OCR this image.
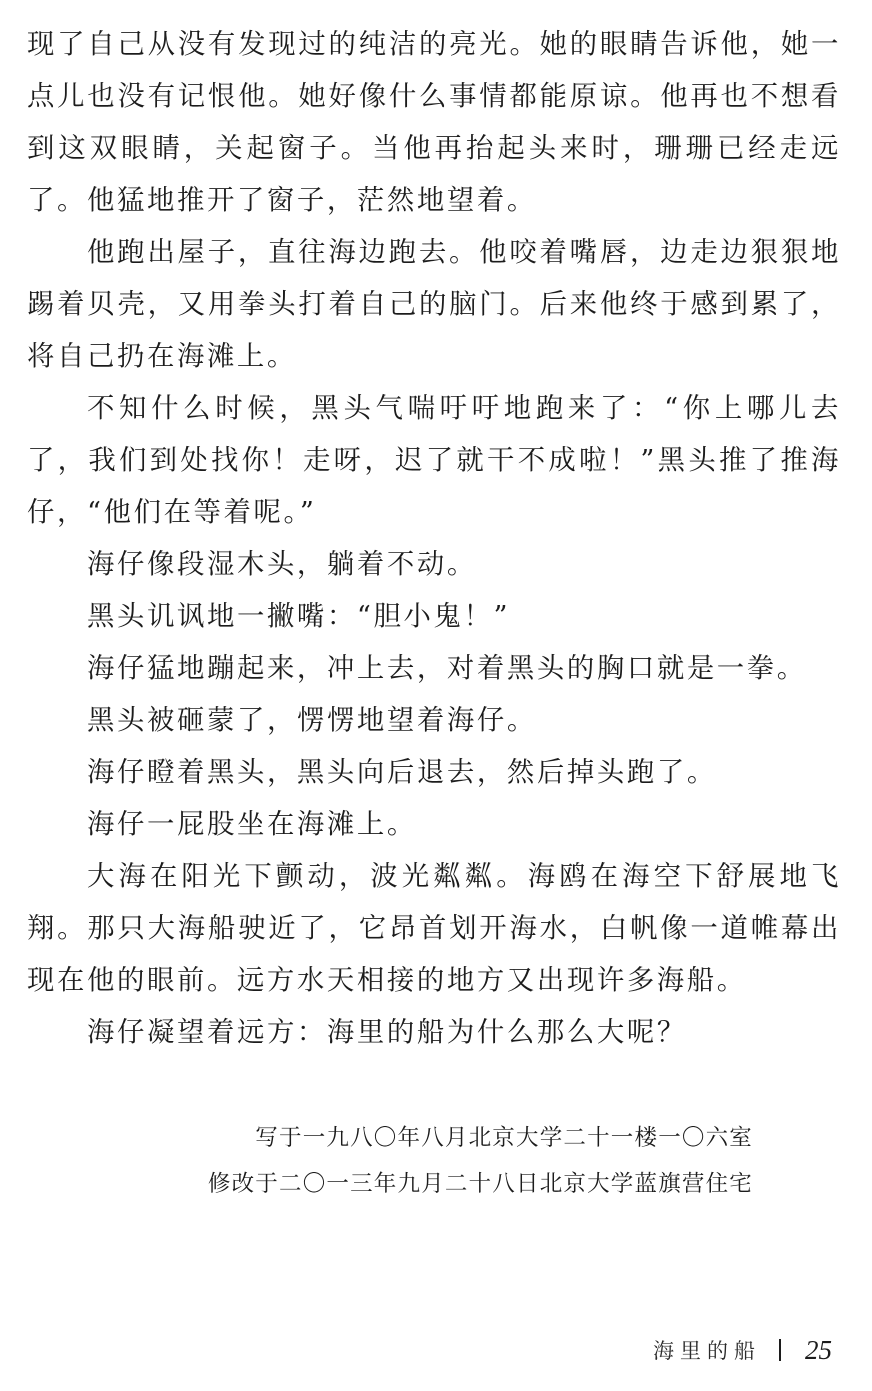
现了自己从没有发现过的纯洁的亮光。她的眼睛告诉他，她一点儿也没有记恨他。她好像什么事情都能原谅。他再也不想看到这双眼睛，关起窗子。当他再抬起头来时，珊珊已经走远了。他猛地推开了窗子，茫然地望着。

他跑出屋子，直往海边跑去。他咬着嘴唇，边走边狠狠地踢着贝壳，又用拳头打着自己的脑门。后来他终于感到累了，将自己扔在海滩上。

不知什么时候，黑头气喘吁吁地跑来了：“你上哪儿去了，我们到处找你！走呀，迟了就干不成啦！”黑头推了推海仔，“他们在等着呢。”

海仔像段湿木头，躺着不动。

黑头讥讽地一撇嘴：“胆小鬼！”

海仔猛地蹦起来，冲上去，对着黑头的胸口就是一拳。

黑头被砸蒙了，愣愣地望着海仔。

海仔瞪着黑头，黑头向后退去，然后掉头跑了。

海仔一屁股坐在海滩上。

大海在阳光下颤动，波光粼粼。海鸥在海空下舒展地飞翔。那只大海船驶近了，它昂首划开海水，白帆像一道帷幕出现在他的眼前。远方水天相接的地方又出现许多海船。

海仔凝望着远方：海里的船为什么那么大呢？

写于一九八〇年八月北京大学二十一楼一〇六室
修改于二〇一三年九月二十八日北京大学蓝旗营住宅
海里的船 25
